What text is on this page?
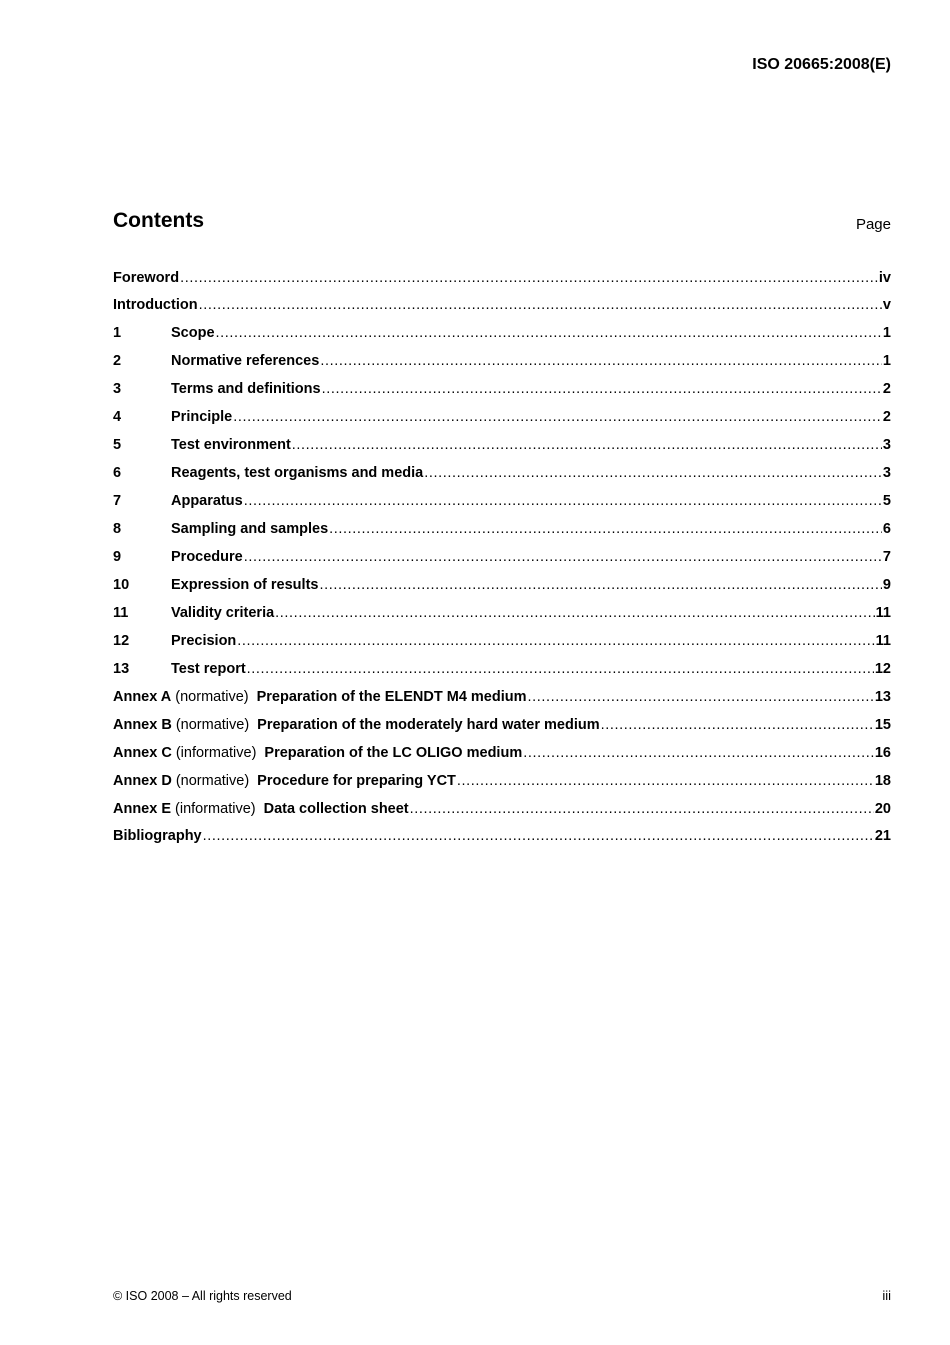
ISO 20665:2008(E)
Contents	Page
Foreword .....	iv
Introduction .....	v
1	Scope .....	1
2	Normative references .....	1
3	Terms and definitions .....	2
4	Principle .....	2
5	Test environment .....	3
6	Reagents, test organisms and media .....	3
7	Apparatus .....	5
8	Sampling and samples .....	6
9	Procedure .....	7
10	Expression of results .....	9
11	Validity criteria .....	11
12	Precision .....	11
13	Test report .....	12
Annex A (normative) Preparation of the ELENDT M4 medium .....	13
Annex B (normative) Preparation of the moderately hard water medium .....	15
Annex C (informative) Preparation of the LC OLIGO medium .....	16
Annex D (normative) Procedure for preparing YCT .....	18
Annex E (informative) Data collection sheet .....	20
Bibliography .....	21
© ISO 2008 – All rights reserved	iii
